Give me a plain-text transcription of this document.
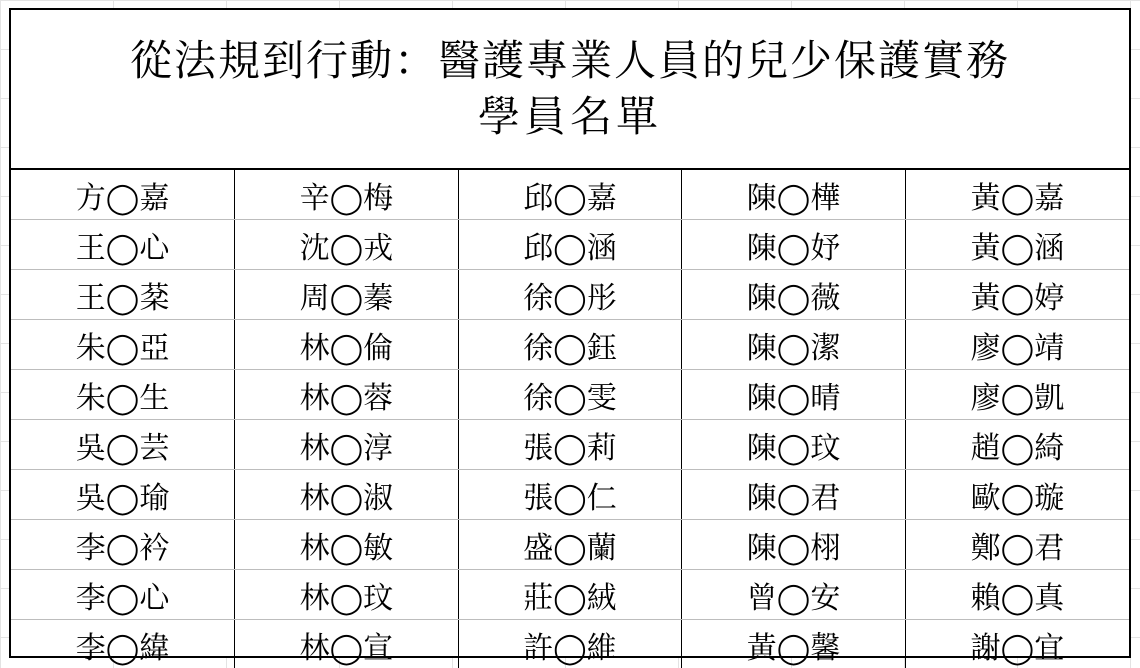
從法規到行動：醫護專業人員的兒少保護實務
學員名單
方◯嘉	辛◯梅	邱◯嘉	陳◯樺	黃◯嘉
王◯心	沈◯戎	邱◯涵	陳◯妤	黃◯涵
王◯棻	周◯蓁	徐◯彤	陳◯薇	黃◯婷
朱◯亞	林◯倫	徐◯鈺	陳◯潔	廖◯靖
朱◯生	林◯蓉	徐◯雯	陳◯晴	廖◯凱
吳◯芸	林◯淳	張◯莉	陳◯玟	趙◯綺
吳◯瑜	林◯淑	張◯仁	陳◯君	歐◯璇
李◯衿	林◯敏	盛◯蘭	陳◯栩	鄭◯君
李◯心	林◯玟	莊◯絨	曾◯安	賴◯真
李◯緯	林◯宣	許◯維	黃◯馨	謝◯宜
